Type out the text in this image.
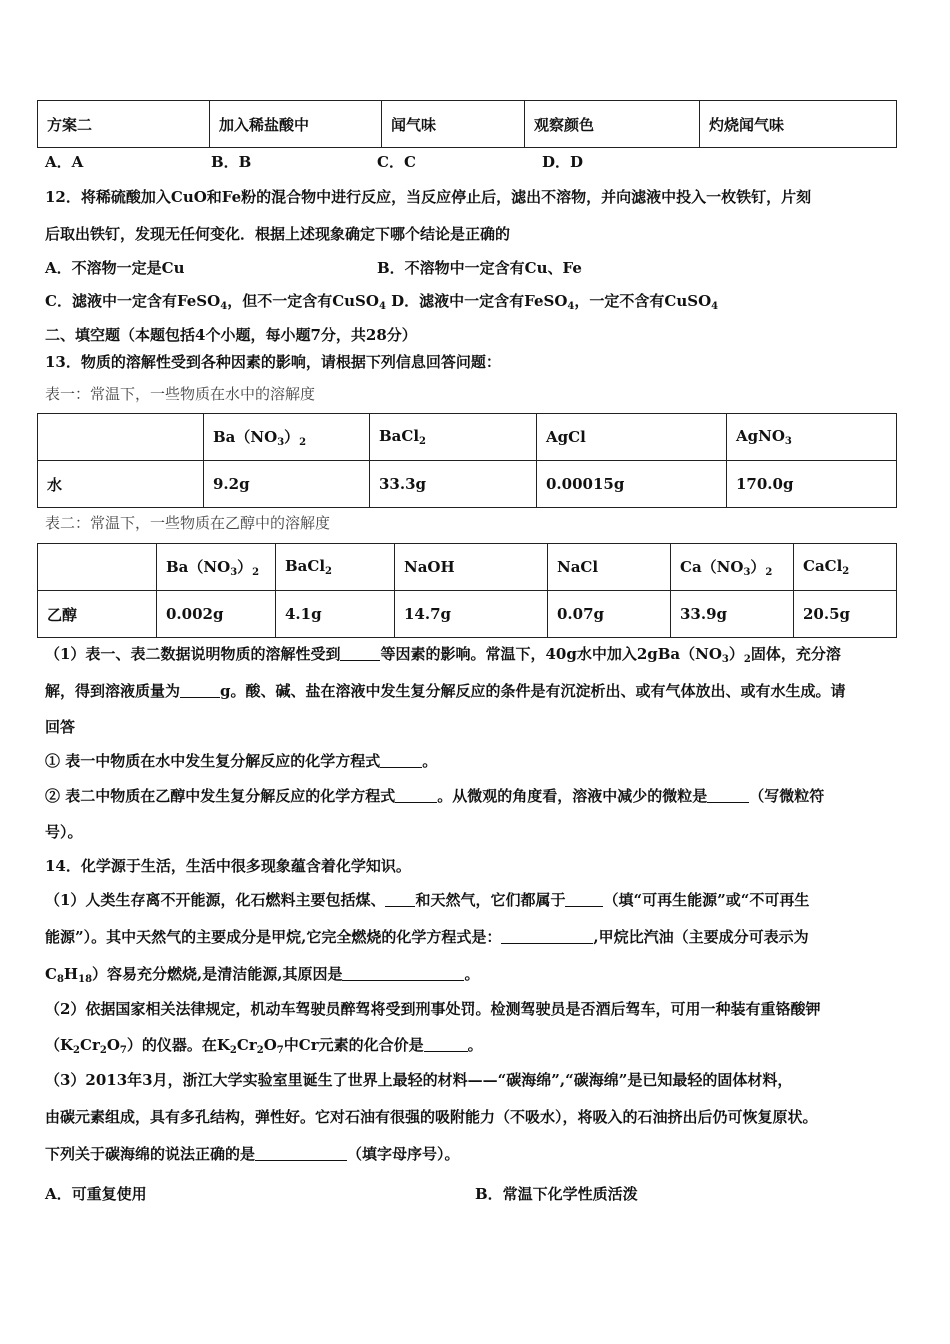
方案二	加入稀盐酸中	闻气味	观察颜色	灼烧闻气味
A．A	B．B	C．C	D．D
12．将稀硫酸加入CuO和Fe粉的混合物中进行反应，当反应停止后，滤出不溶物，并向滤液中投入一枚铁钉，片刻
后取出铁钉，发现无任何变化．根据上述现象确定下哪个结论是正确的
A．不溶物一定是Cu	B．不溶物中一定含有Cu、Fe
C．滤液中一定含有FeSO$_4$，但不一定含有CuSO$_4$ D．滤液中一定含有FeSO$_4$，一定不含有CuSO$_4$
二、填空题（本题包括4个小题，每小题7分，共28分）
13．物质的溶解性受到各种因素的影响，请根据下列信息回答问题：
表一：常温下，一些物质在水中的溶解度
	$Ba(NO_3)_2$	BaCl$_2$	AgCl	AgNO$_3$
水	9.2g	33.3g	0.00015g	170.0g
表二：常温下，一些物质在乙醇中的溶解度
	$Ba(NO_3)_2$	BaCl$_2$	NaOH	NaCl	$Ca(NO_3)_2$	CaCl$_2$
乙醇	0.002g	4.1g	14.7g	0.07g	33.9g	20.5g
（1）表一、表二数据说明物质的溶解性受到	等因素的影响。常温下，40g水中加入$2gBa(NO_3)_2$固体，充分溶
解，得到溶液质量为	g。酸、碱、盐在溶液中发生复分解反应的条件是有沉淀析出、或有气体放出、或有水生成。请
回答
① 表一中物质在水中发生复分解反应的化学方程式	。
② 表二中物质在乙醇中发生复分解反应的化学方程式	。从微观的角度看，溶液中减少的微粒是	（写微粒符
号）。
14．化学源于生活，生活中很多现象蕴含着化学知识。
（1）人类生存离不开能源，化石燃料主要包括煤、 和天然气，它们都属于	（填“可再生能源”或“不可再生
能源”）。其中天然气的主要成分是甲烷,它完全燃烧的化学方程式是：	,甲烷比汽油（主要成分可表示为
$C_8H_{18}$）容易充分燃烧,是清洁能源,其原因是	。
（2）依据国家相关法律规定，机动车驾驶员醉驾将受到刑事处罚。检测驾驶员是否酒后驾车，可用一种装有重铬酸钾
$(K_2Cr_2O_7)$的仪器。在$K_2Cr_2O_7$中Cr元素的化合价是	。
（3）2013年3月，浙江大学实验室里诞生了世界上最轻的材料——“碳海绵”,“碳海绵”是已知最轻的固体材料，
由碳元素组成，具有多孔结构，弹性好。它对石油有很强的吸附能力（不吸水），将吸入的石油挤出后仍可恢复原状。
下列关于碳海绵的说法正确的是	（填字母序号）。
A．可重复使用	B．常温下化学性质活泼
